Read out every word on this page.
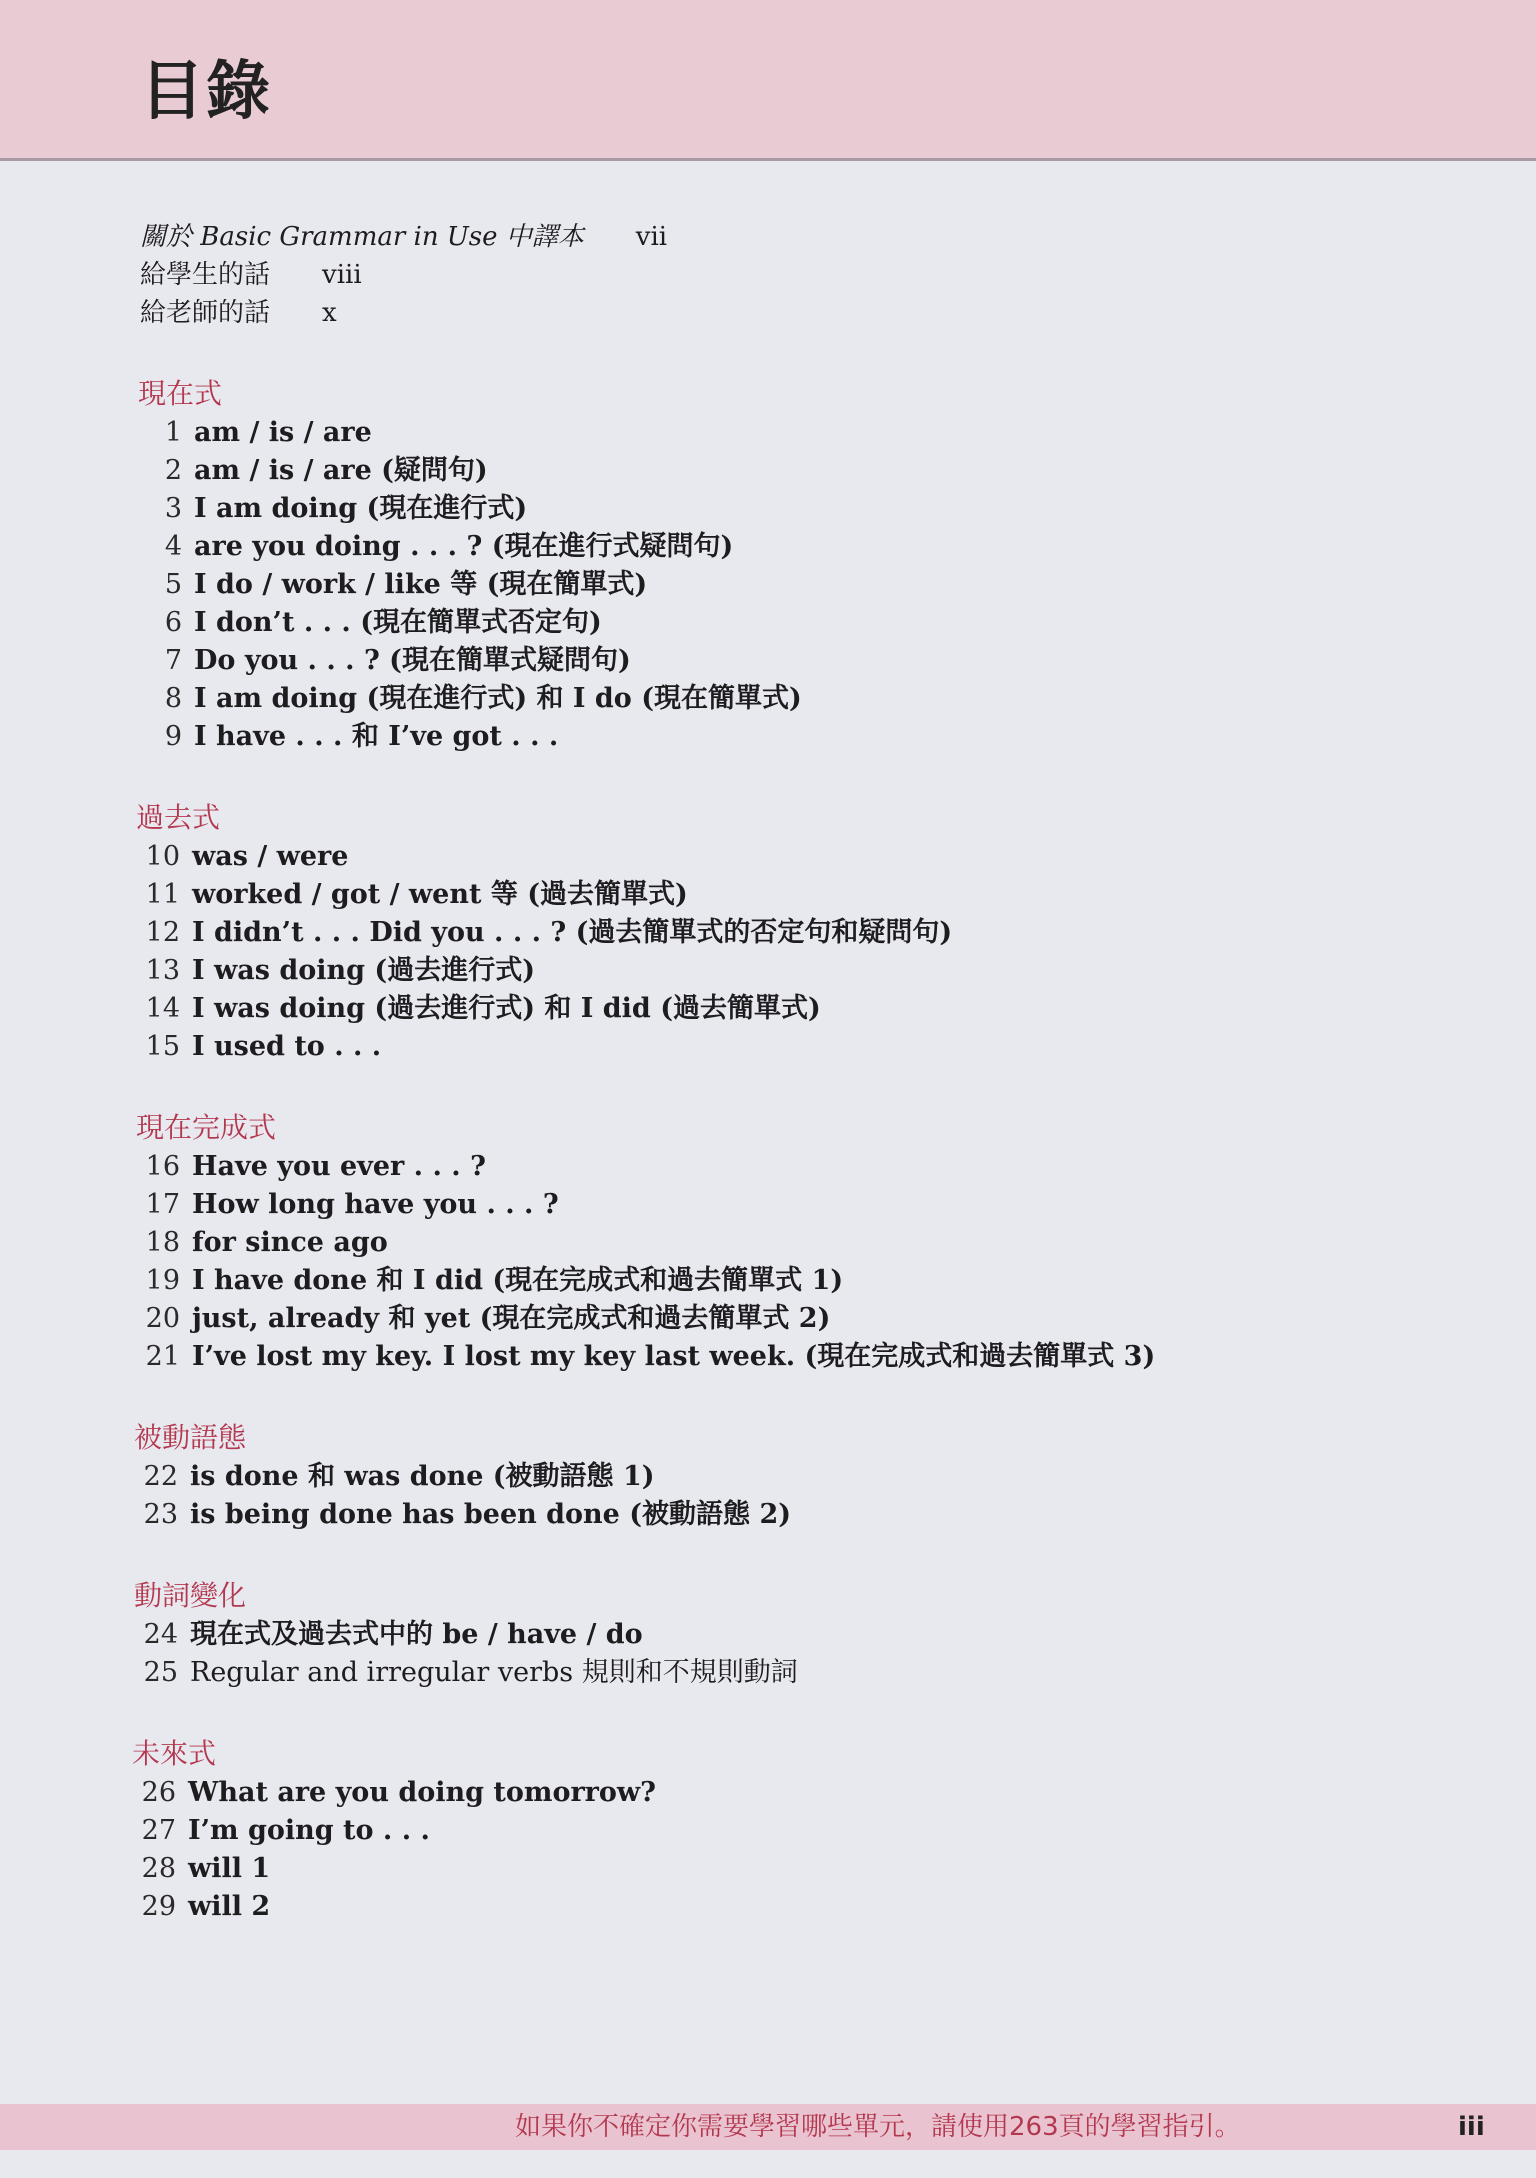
目錄
關於 Basic Grammar in Use 中譯本 vii
給學生的話 viii
給老師的話 x
現在式
1 am / is / are
2 am / is / are (疑問句)
3 I am doing (現在進行式)
4 are you doing . . . ? (現在進行式疑問句)
5 I do / work / like 等 (現在簡單式)
6 I don’t . . . (現在簡單式否定句)
7 Do you . . . ? (現在簡單式疑問句)
8 I am doing (現在進行式) 和 I do (現在簡單式)
9 I have . . . 和 I’ve got . . .
過去式
10 was / were
11 worked / got / went 等 (過去簡單式)
12 I didn’t . . . Did you . . . ? (過去簡單式的否定句和疑問句)
13 I was doing (過去進行式)
14 I was doing (過去進行式) 和 I did (過去簡單式)
15 I used to . . .
現在完成式
16 Have you ever . . . ?
17 How long have you . . . ?
18 for since ago
19 I have done 和 I did (現在完成式和過去簡單式 1)
20 just, already 和 yet (現在完成式和過去簡單式 2)
21 I’ve lost my key. I lost my key last week. (現在完成式和過去簡單式 3)
被動語態
22 is done 和 was done (被動語態 1)
23 is being done has been done (被動語態 2)
動詞變化
24 現在式及過去式中的 be / have / do
25 Regular and irregular verbs 規則和不規則動詞
未來式
26 What are you doing tomorrow?
27 I’m going to . . .
28 will 1
29 will 2
如果你不確定你需要學習哪些單元，請使用263頁的學習指引。	iii
